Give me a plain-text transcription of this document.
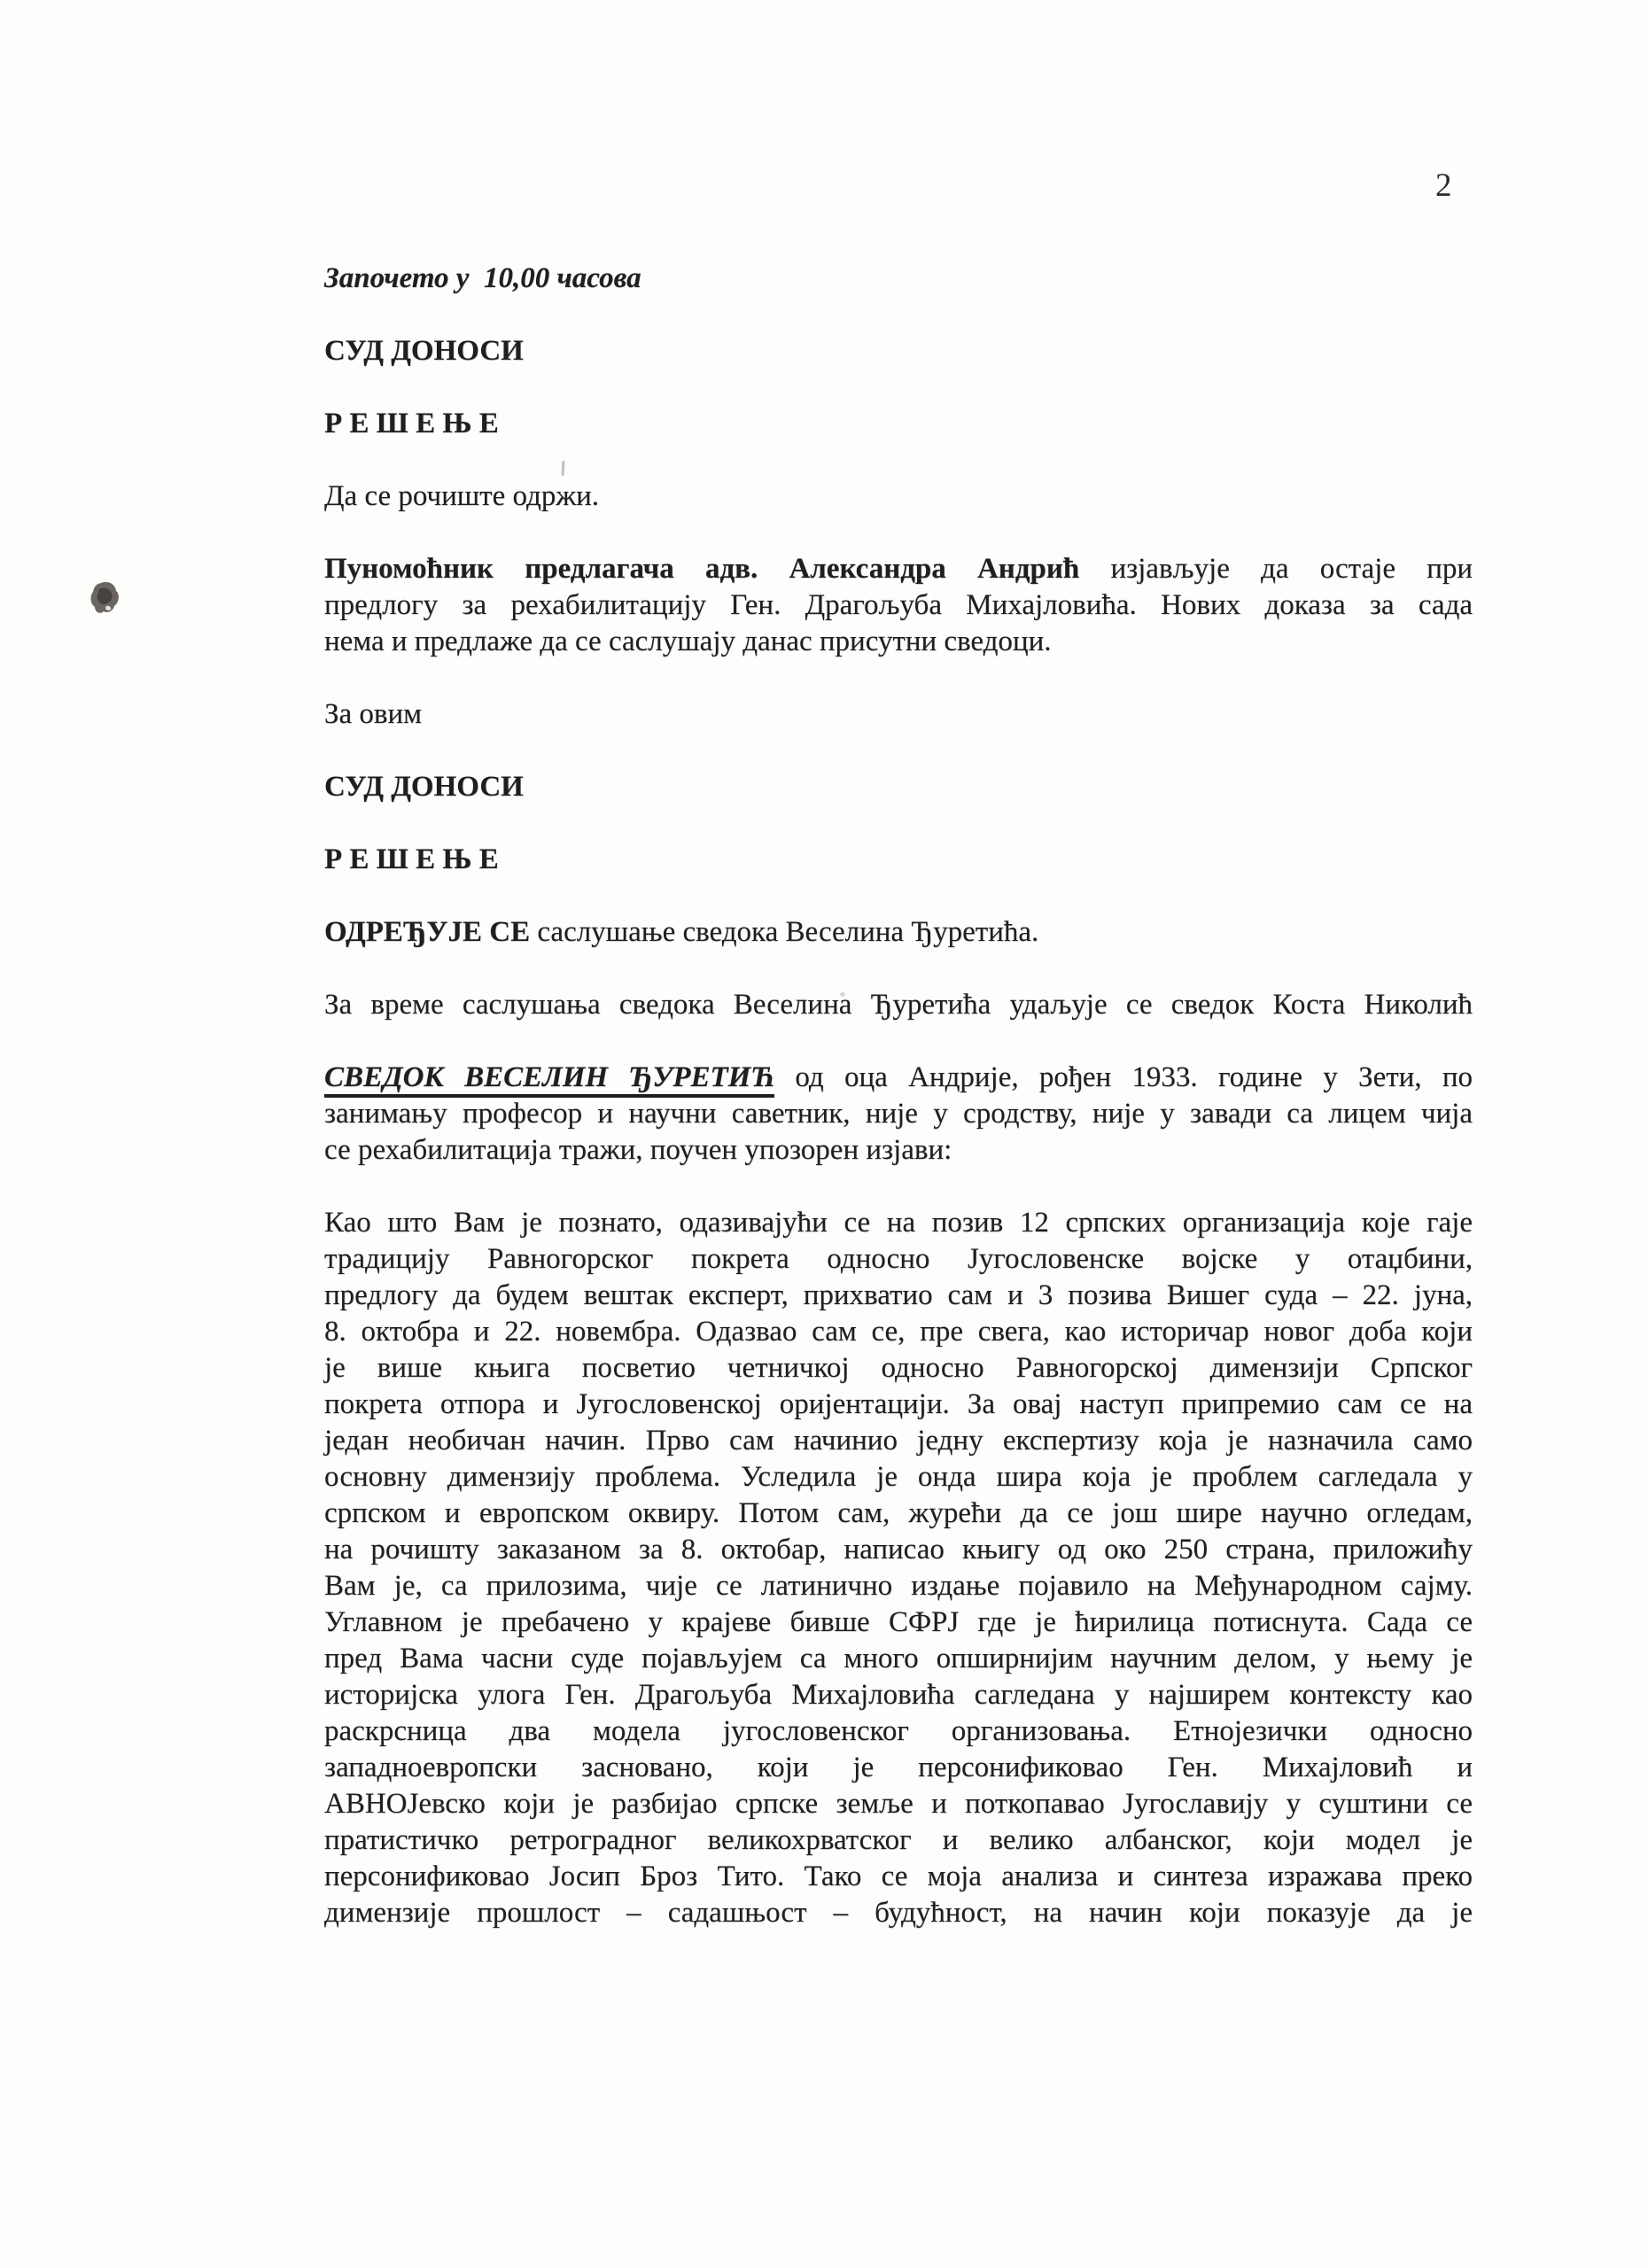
2
Започето у  10,00 часова
СУД ДОНОСИ
Р Е Ш Е Њ Е
Да се рочиште одржи.
Пуномоћник предлагача адв. Александра Андрић изјављује да остаје при
предлогу за рехабилитацију Ген. Драгољуба Михајловића. Нових доказа за сада
нема и предлаже да се саслушају данас присутни сведоци.
За овим
СУД ДОНОСИ
Р Е Ш Е Њ Е
ОДРЕЂУЈЕ СЕ саслушање сведока Веселина Ђуретића.
За време саслушања сведока Веселина Ђуретића удаљује се сведок Коста Николић
СВЕДОК ВЕСЕЛИН ЂУРЕТИЋ од оца Андрије, рођен 1933. године у Зети, по
занимању професор и научни саветник, није у сродству, није у завади са лицем чија
се рехабилитација тражи, поучен упозорен изјави:
Као што Вам је познато, одазивајући се на позив 12 српских организација које гаје
традицију Равногорског покрета односно Југословенске војске у отаџбини,
предлогу да будем вештак експерт, прихватио сам и 3 позива Вишег суда – 22. јуна,
8. октобра и 22. новембра. Одазвао сам се, пре свега, као историчар новог доба који
је више књига посветио четничкој односно Равногорској димензији Српског
покрета отпора и Југословенској оријентацији. За овај наступ припремио сам се на
један необичан начин. Прво сам начинио једну експертизу која је назначила само
основну димензију проблема. Уследила је онда шира која је проблем сагледала у
српском и европском оквиру. Потом сам, журећи да се још шире научно огледам,
на рочишту заказаном за 8. октобар, написао књигу од око 250 страна, приложићу
Вам је, са прилозима, чије се латинично издање појавило на Међународном сајму.
Углавном је пребачено у крајеве бивше СФРЈ где је ћирилица потиснута. Сада се
пред Вама часни суде појављујем са много опширнијим научним делом, у њему је
историјска улога Ген. Драгољуба Михајловића сагледана у најширем контексту као
раскрсница два модела југословенског организовања. Етнојезички односно
западноевропски засновано, који је персонификовао Ген. Михајловић и
АВНОЈевско који је разбијао српске земље и поткопавао Југославију у суштини се
пратистичко ретроградног великохрватског и велико албанског, који модел је
персонификовао Јосип Броз Тито. Тако се моја анализа и синтеза изражава преко
димензије прошлост – садашњост – будућност, на начин који показује да је
